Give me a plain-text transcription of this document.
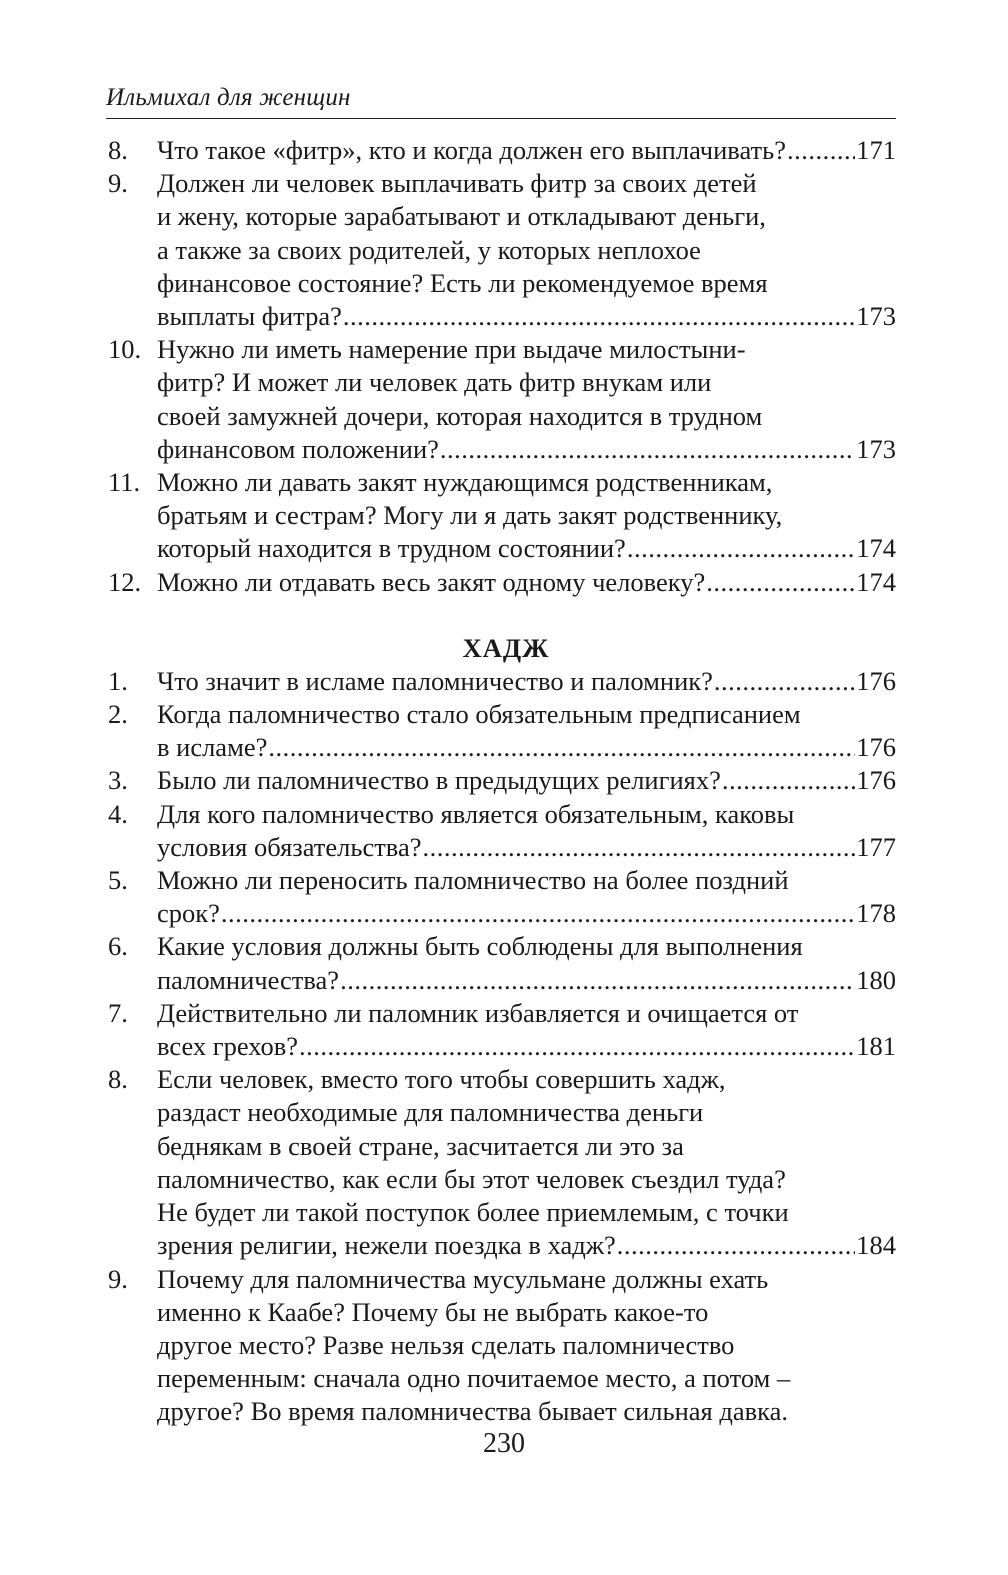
Ильмихал для женщин
8. Что такое «фитр», кто и когда должен его выплачивать? .....	171
9. Должен ли человек выплачивать фитр за своих детей
и жену, которые зарабатывают и откладывают деньги,
а также за своих родителей, у которых неплохое
финансовое состояние? Есть ли рекомендуемое время
выплаты фитра? .....	173
10. Нужно ли иметь намерение при выдаче милостыни-
фитр? И может ли человек дать фитр внукам или
своей замужней дочери, которая находится в трудном
финансовом положении? .....	173
11. Можно ли давать закят нуждающимся родственникам,
братьям и сестрам? Могу ли я дать закят родственнику,
который находится в трудном состоянии? .....	174
12. Можно ли отдавать весь закят одному человеку? .....	174
ХАДЖ
1. Что значит в исламе паломничество и паломник? .....	176
2. Когда паломничество стало обязательным предписанием
в исламе? .....	176
3. Было ли паломничество в предыдущих религиях? .....	176
4. Для кого паломничество является обязательным, каковы
условия обязательства? .....	177
5. Можно ли переносить паломничество на более поздний
срок? .....	178
6. Какие условия должны быть соблюдены для выполнения
паломничества? .....	180
7. Действительно ли паломник избавляется и очищается от
всех грехов? .....	181
8. Если человек, вместо того чтобы совершить хадж,
раздаст необходимые для паломничества деньги
беднякам в своей стране, засчитается ли это за
паломничество, как если бы этот человек съездил туда?
Не будет ли такой поступок более приемлемым, с точки
зрения религии, нежели поездка в хадж? .....	184
9. Почему для паломничества мусульмане должны ехать
именно к Каабе? Почему бы не выбрать какое-то
другое место? Разве нельзя сделать паломничество
переменным: сначала одно почитаемое место, а потом –
другое? Во время паломничества бывает сильная давка.
230
